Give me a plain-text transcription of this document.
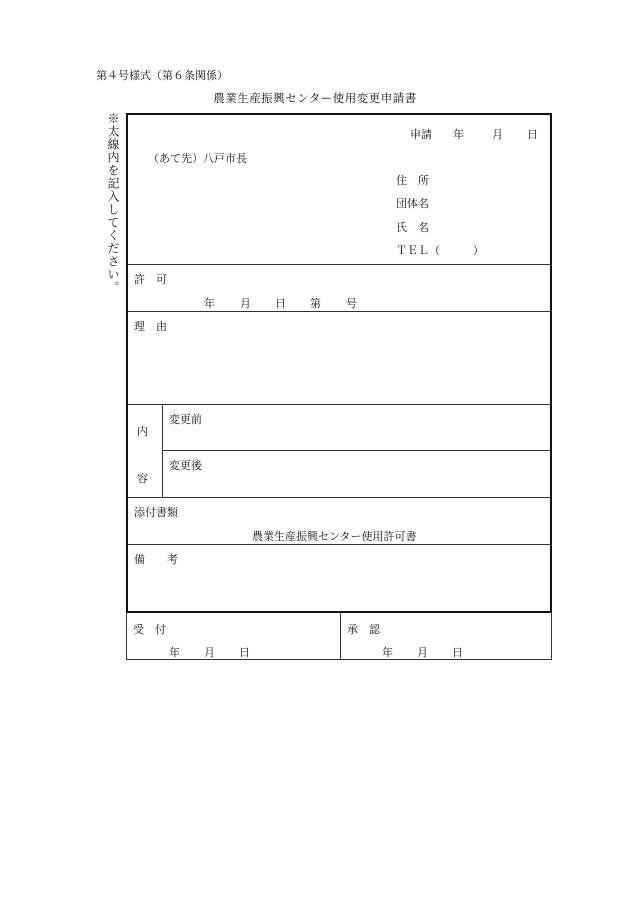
第４号様式（第６条関係）
農業生産振興センター使用変更申請書
※太線内を記入してください。	申請 年	月 日
（あて先）八戸市長
住　所
団体名
氏　名
ＴＥＬ（　　　）
許　可
年 月 日 第 号
理　由
内
容
変更前
変更後
添付書類
農業生産振興センター使用許可書
備　　考
受　付
年 月 日
承　認
年 月 日
